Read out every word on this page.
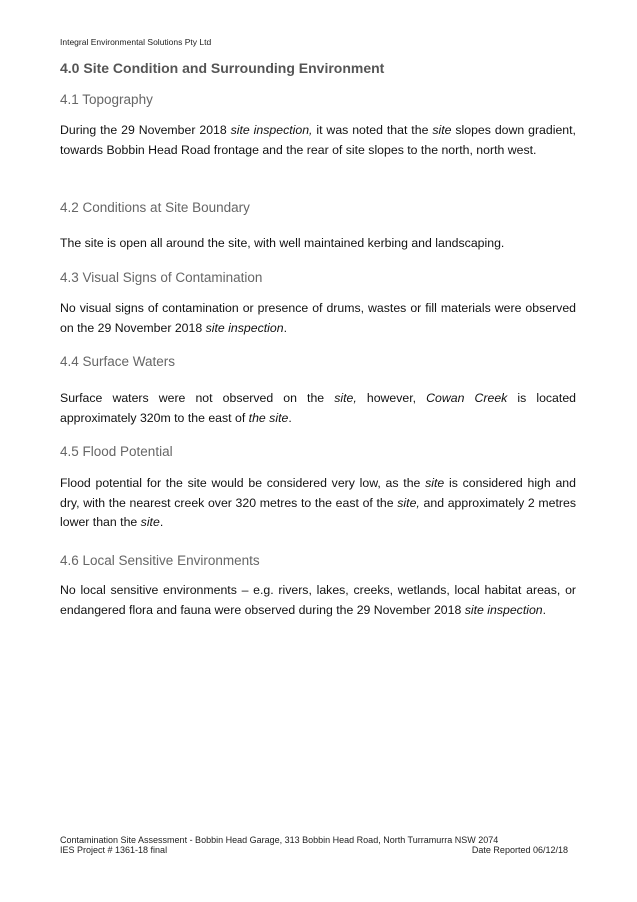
Integral Environmental Solutions Pty Ltd
4.0 Site Condition and Surrounding Environment
4.1 Topography

During the 29 November 2018 site inspection, it was noted that the site slopes down gradient, towards Bobbin Head Road frontage and the rear of site slopes to the north, north west.

4.2 Conditions at Site Boundary

The site is open all around the site, with well maintained kerbing and landscaping.

4.3 Visual Signs of Contamination

No visual signs of contamination or presence of drums, wastes or fill materials were observed on the 29 November 2018 site inspection.

4.4 Surface Waters

Surface waters were not observed on the site, however, Cowan Creek is located approximately 320m to the east of the site.

4.5 Flood Potential

Flood potential for the site would be considered very low, as the site is considered high and dry, with the nearest creek over 320 metres to the east of the site, and approximately 2 metres lower than the site.

4.6 Local Sensitive Environments

No local sensitive environments – e.g. rivers, lakes, creeks, wetlands, local habitat areas, or endangered flora and fauna were observed during the 29 November 2018 site inspection.

Contamination Site Assessment - Bobbin Head Garage, 313 Bobbin Head Road, North Turramurra NSW 2074
IES Project # 1361-18 final	Date Reported 06/12/18
